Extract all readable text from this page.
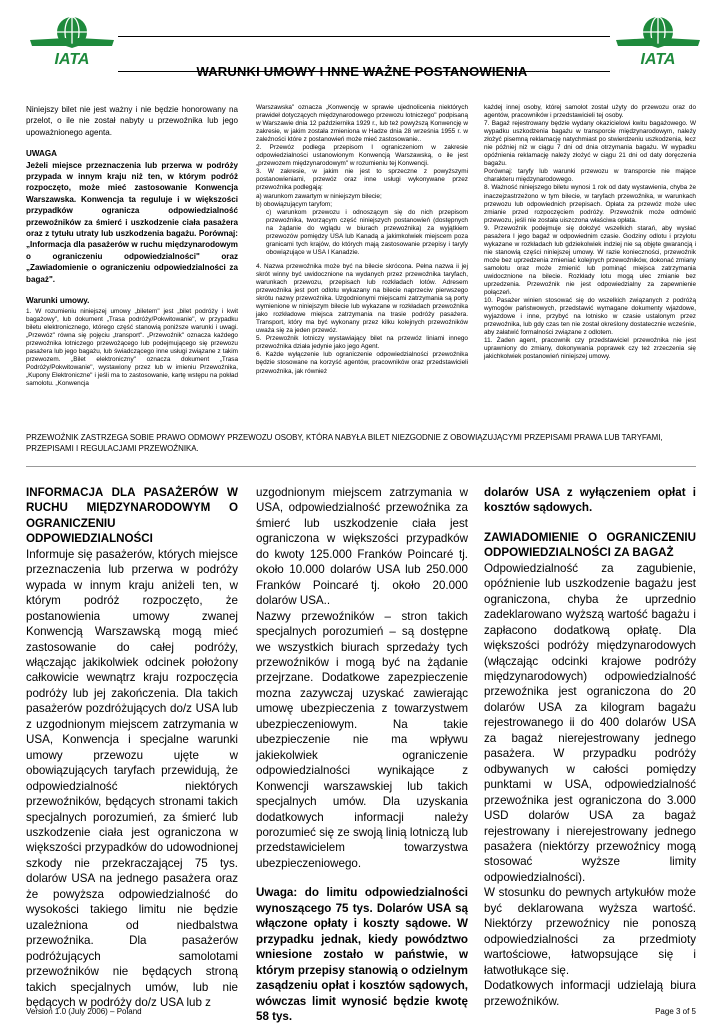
IATA	IATA
WARUNKI UMOWY I INNE WAŻNE POSTANOWIENIA

Niniejszy bilet nie jest ważny i nie będzie honorowany na przelot, o ile nie został nabyty u przewoźnika lub jego upoważnionego agenta.

UWAGA

Jeżeli miejsce przeznaczenia lub przerwa w podróży przypada w innym kraju niż ten, w którym podróż rozpoczęto, może mieć zastosowanie Konwencja Warszawska. Konwencja ta reguluje i w większości przypadków ogranicza odpowiedzialność przewoźników za śmierć i uszkodzenie ciała pasażera oraz z tytułu utraty lub uszkodzenia bagażu. Porównaj: „Informacja dla pasażerów w ruchu międzynarodowym o ograniczeniu odpowiedzialności" oraz „Zawiadomienie o ograniczeniu odpowiedzialności za bagaż".

Warunki umowy.

1. W rozumieniu niniejszej umowy „biletem" jest „bilet podróży i kwit bagażowy", lub dokument „Trasa podróży/Pokwitowanie", w przypadku biletu elektronicznego, którego część stanowią poniższe warunki i uwagi. „Przewóz" równa się pojęciu „transport". „Przewoźnik" oznacza każdego przewoźnika lotniczego przewożącego lub podejmującego się przewozu pasażera lub jego bagażu, lub świadczącego inne usługi związane z takim przewozem. „Bilet elektroniczny" oznacza dokument „Trasa Podróży/Pokwitowanie", wystawiony przez lub w imieniu Przewoźnika, „Kupony Elektroniczne" i jeśli ma to zastosowanie, kartę wstępu na pokład samolotu. „Konwencja

Warszawska" oznacza „Konwencję w sprawie ujednolicenia niektórych prawideł dotyczących międzynarodowego przewozu lotniczego" podpisaną w Warszawie dnia 12 października 1929 r., lub też powyższą Konwencję w zakresie, w jakim została zmieniona w Hadze dnia 28 września 1955 r. w zależności które z postanowień może mieć zastosowanie..

2. Przewóz podlega przepisom I ograniczeniom w zakresie odpowiedzialności ustanowionym Konwencją Warszawską, o ile jest „przewozem międzynarodowym" w rozumieniu tej Konwencji.

3. W zakresie, w jakim nie jest to sprzeczne z powyższymi postanowieniami, przewóz oraz inne usługi wykonywane przez przewoźnika podlegają:

a) warunkom zawartym w niniejszym bilecie;

b) obowiązującym taryfom;

c) warunkom przewozu i odnoszącym się do nich przepisom przewoźnika, tworzącym część niniejszych postanowień (dostępnych na żądanie do wglądu w biurach przewoźnika) za wyjątkiem przewozów pomiędzy USA lub Kanadą a jakimkolwiek miejscem poza granicami tych krajów, do których mają zastosowanie przepisy i taryfy obowiązujące w USA I Kanadzie.

4. Nazwa przewoźnika może być na bilecie skrócona. Pełna nazwa ii jej skrót winny być uwidocznione na wydanych przez przewoźnika taryfach, warunkach przewozu, przepisach lub rozkładach lotów. Adresem przewoźnika jest port odlotu wykazany na bilecie naprzeciw pierwszego skrótu nazwy przewoźnika. Uzgodnionymi miejscami zatrzymania są porty wymienione w niniejszym bilecie lub wykazane w rozkładach przewoźnika jako rozkładowe miejsca zatrzymania na trasie podróży pasażera. Transport, który ma być wykonany przez kilku kolejnych przewoźników uważa się za jeden przewóz.

5. Przewoźnik lotniczy wystawiający bilet na przewóz liniami innego przewoźnika działa jedynie jako jego Agent.

6. Każde wyłączenie lub ograniczenie odpowiedzialności przewoźnika będzie stosowane na korzyść agentów, pracowników oraz przedstawicieli przewoźnika, jak również

każdej innej osoby, której samolot został użyty do przewozu oraz do agentów, pracowników i przedstawicieli tej osoby.

7. Bagaż rejestrowany będzie wydany okazicielowi kwitu bagażowego. W wypadku uszkodzenia bagażu w transporcie międzynarodowym, należy złożyć pisemną reklamację natychmiast po stwierdzeniu uszkodzenia, lecz nie później niż w ciągu 7 dni od dnia otrzymania bagażu. W wypadku opóźnienia reklamację należy złożyć w ciągu 21 dni od daty doręczenia bagażu.

Porównaj: taryfy lub warunki przewozu w transporcie nie mające charakteru międzynarodowego.

8. Ważność niniejszego biletu wynosi 1 rok od daty wystawienia, chyba że inaczejzastrzeżono w tym bilecie, w taryfach przewoźnika, w warunkach przewozu lub odpowiednich przepisach. Opłata za przewóz może ulec zmianie przed rozpoczęciem podróży. Przewoźnik może odmówić przewozu, jeśli nie została uiszczona właściwa opłata.

9. Przewoźnik podejmuje się dołożyć wszelkich starań, aby wysłać pasażera I jego bagaż w odpowiednim czasie. Godziny odlotu i przylotu wykazane w rozkładach lub gdziekolwiek indziej nie są objęte gwarancją i nie stanowią części niniejszej umowy. W razie konieczności, przewoźnik może bez uprzedzenia zmieniać kolejnych przewoźników, dokonać zmiany samolotu oraz może zmienić lub pominąć miejsca zatrzymania uwidocznione na bilecie. Rozkłady lotu mogą ulec zmianie bez uprzedzenia. Przewoźnik nie jest odpowiedzialny za zapewnienie połączeń.

10. Pasażer winien stosować się do wszelkich związanych z podróżą wymogów państwowych, przedstawić wymagane dokumenty wjazdowe, wyjazdowe i inne, przybyć na lotnisko w czasie ustalonym przez przewoźnika, lub gdy czas ten nie został określony dostatecznie wcześnie, aby załatwić formalności związane z odlotem.

11. Żaden agent, pracownik czy przedstawiciel przewoźnika nie jest uprawniony do zmiany, dokonywania poprawek czy też zrzeczenia się jakichkolwiek postanowień niniejszej umowy.

PRZEWOŹNIK ZASTRZEGA SOBIE PRAWO ODMOWY PRZEWOZU OSOBY, KTÓRA NABYŁA BILET NIEZGODNIE Z OBOWIĄZUJĄCYMI PRZEPISAMI PRAWA LUB TARYFAMI, PRZEPISAMI I REGULACJAMI PRZEWOŹNIKA.

INFORMACJA DLA PASAŻERÓW W RUCHU MIĘDZYNARODOWYM O OGRANICZENIU ODPOWIEDZIALNOŚCI

Informuje się pasażerów, których miejsce przeznaczenia lub przerwa w podróży wypada w innym kraju aniżeli ten, w którym podróż rozpoczęto, że postanowienia umowy zwanej Konwencją Warszawską mogą mieć zastosowanie do całej podróży, włączając jakikolwiek odcinek położony całkowicie wewnątrz kraju rozpoczęcia podróży lub jej zakończenia. Dla takich pasażerów pozdróżujących do/z USA lub z uzgodnionym miejscem zatrzymania w USA, Konwencja i specjalne warunki umowy przewozu ujęte w obowiązujących taryfach przewidują, że odpowiedzialność niektórych przewoźników, będących stronami takich specjalnych porozumień, za śmierć lub uszkodzenie ciała jest ograniczona w większości przypadków do udowodnionej szkody nie przekraczającej 75 tys. dolarów USA na jednego pasażera oraz że powyższa odpowiedzialność do wysokości takiego limitu nie będzie uzależniona od niedbalstwa przewoźnika. Dla pasażerów podróżujących samolotami przewoźników nie będących stroną takich specjalnych umów, lub nie będących w podróży do/z USA lub z

uzgodnionym miejscem zatrzymania w USA, odpowiedzialność przewoźnika za śmierć lub uszkodzenie ciała jest ograniczona w większości przypadków do kwoty 125.000 Franków Poincaré tj. około 10.000 dolarów USA lub 250.000 Franków Poincaré tj. około 20.000 dolarów USA..

Nazwy przewoźników – stron takich specjalnych porozumień – są dostępne we wszystkich biurach sprzedaży tych przewoźników i mogą być na żądanie przejrzane. Dodatkowe zapezpieczenie mozna zazywczaj uzyskać zawierając umowę ubezpieczenia z towarzystwem ubezpieczeniowym. Na takie ubezpieczenie nie ma wpływu jakiekolwiek ograniczenie odpowiedzialności wynikające z Konwencji warszawskiej lub takich specjalnych umów. Dla uzyskania dodatkowych informacji należy porozumieć się ze swoją linią lotniczą lub przedstawicielem towarzystwa ubezpieczeniowego.

Uwaga: do limitu odpowiedzialności wynoszącego 75 tys. Dolarów USA są włączone opłaty i koszty sądowe. W przypadku jednak, kiedy powództwo wniesione zostało w państwie, w którym przepisy stanowią o odzielnym zasądzeniu opłat i kosztów sądowych, wówczas limit wynosić będzie kwotę 58 tys.

dolarów USA z wyłączeniem opłat i kosztów sądowych.

ZAWIADOMIENIE O OGRANICZENIU ODPOWIEDZIALNOŚCI ZA BAGAŻ

Odpowiedzialność za zagubienie, opóźnienie lub uszkodzenie bagażu jest ograniczona, chyba że uprzednio zadeklarowano wyższą wartość bagażu i zapłacono dodatkową opłatę. Dla większości podróży międzynarodowych (włączając odcinki krajowe podróży międzynarodowych) odpowiedzialność przewoźnika jest ograniczona do 20 dolarów USA za kilogram bagażu rejestrowanego ii do 400 dolarów USA za bagaż nierejestrowany jednego pasażera. W przypadku podróży odbywanych w całości pomiędzy punktami w USA, odpowiedzialność przewoźnika jest ograniczona do 3.000 USD dolarów USA za bagaż rejestrowany i nierejestrowany jednego pasażera (niektórzy przewoźnicy mogą stosować wyższe limity odpowiedzialności).

W stosunku do pewnych artykułów może być deklarowana wyższa wartość. Niektórzy przewoźnicy nie ponoszą odpowiedzialności za przedmioty wartościowe, łatwopsujące się i łatwotłukące się.

Dodatkowych informacji udzielają biura przewoźników.

Version 1.0 (July 2006) – Poland	Page 3 of 5
